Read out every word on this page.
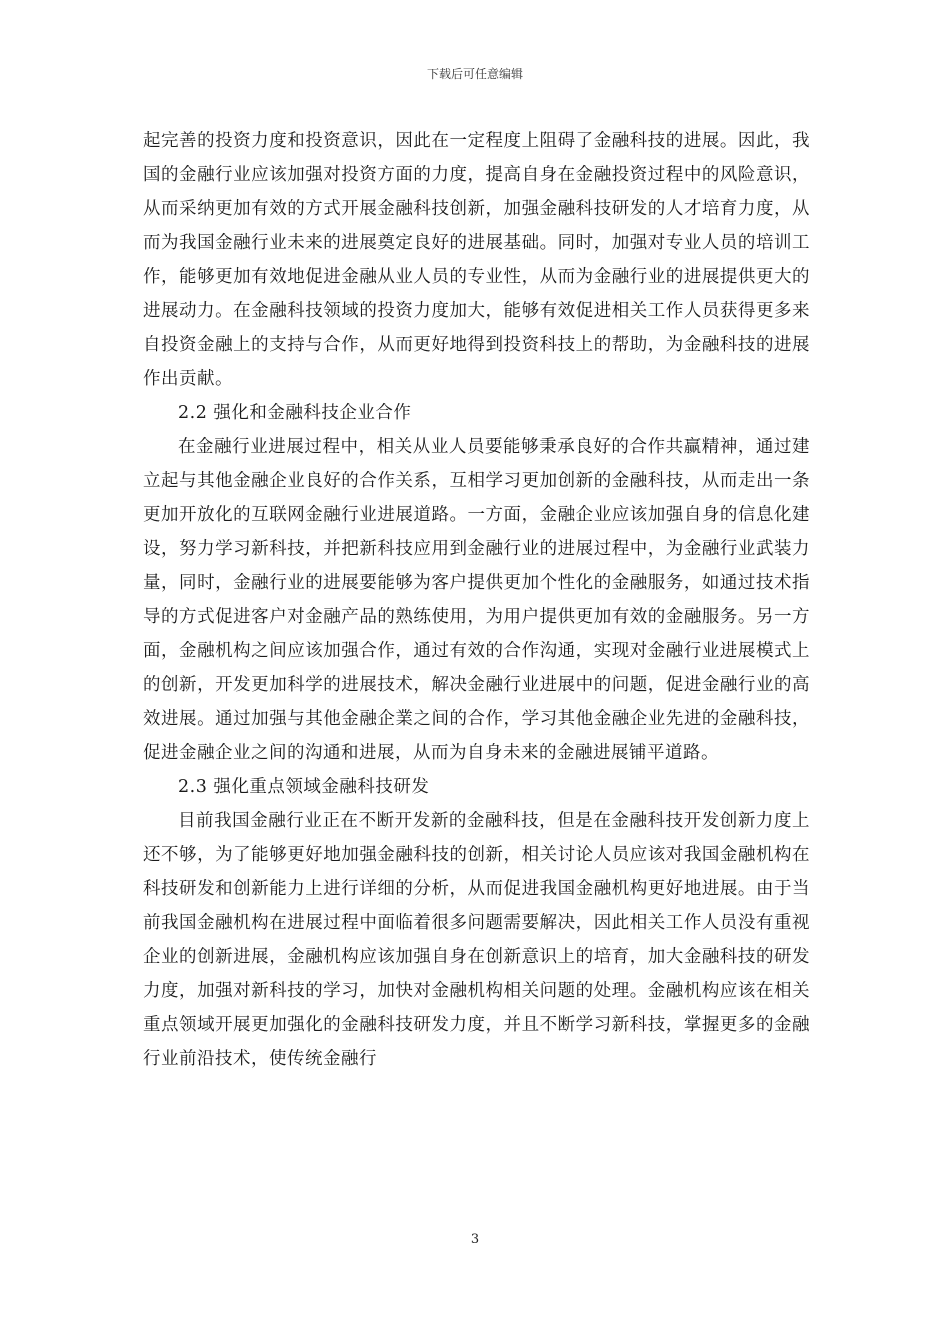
下载后可任意编辑

起完善的投资力度和投资意识，因此在一定程度上阻碍了金融科技的进展。因此，我国的金融行业应该加强对投资方面的力度，提高自身在金融投资过程中的风险意识，从而采纳更加有效的方式开展金融科技创新，加强金融科技研发的人才培育力度，从而为我国金融行业未来的进展奠定良好的进展基础。同时，加强对专业人员的培训工作，能够更加有效地促进金融从业人员的专业性，从而为金融行业的进展提供更大的进展动力。在金融科技领域的投资力度加大，能够有效促进相关工作人员获得更多来自投资金融上的支持与合作，从而更好地得到投资科技上的帮助，为金融科技的进展作出贡献。

2.2 强化和金融科技企业合作

在金融行业进展过程中，相关从业人员要能够秉承良好的合作共赢精神，通过建立起与其他金融企业良好的合作关系，互相学习更加创新的金融科技，从而走出一条更加开放化的互联网金融行业进展道路。一方面，金融企业应该加强自身的信息化建设，努力学习新科技，并把新科技应用到金融行业的进展过程中，为金融行业武装力量，同时，金融行业的进展要能够为客户提供更加个性化的金融服务，如通过技术指导的方式促进客户对金融产品的熟练使用，为用户提供更加有效的金融服务。另一方面，金融机构之间应该加强合作，通过有效的合作沟通，实现对金融行业进展模式上的创新，开发更加科学的进展技术，解决金融行业进展中的问题，促进金融行业的高效进展。通过加强与其他金融企業之间的合作，学习其他金融企业先进的金融科技，促进金融企业之间的沟通和进展，从而为自身未来的金融进展铺平道路。

2.3 强化重点领域金融科技研发

目前我国金融行业正在不断开发新的金融科技，但是在金融科技开发创新力度上还不够，为了能够更好地加强金融科技的创新，相关讨论人员应该对我国金融机构在科技研发和创新能力上进行详细的分析，从而促进我国金融机构更好地进展。由于当前我国金融机构在进展过程中面临着很多问题需要解决，因此相关工作人员没有重视企业的创新进展，金融机构应该加强自身在创新意识上的培育，加大金融科技的研发力度，加强对新科技的学习，加快对金融机构相关问题的处理。金融机构应该在相关重点领域开展更加强化的金融科技研发力度，并且不断学习新科技，掌握更多的金融行业前沿技术，使传统金融行

3
